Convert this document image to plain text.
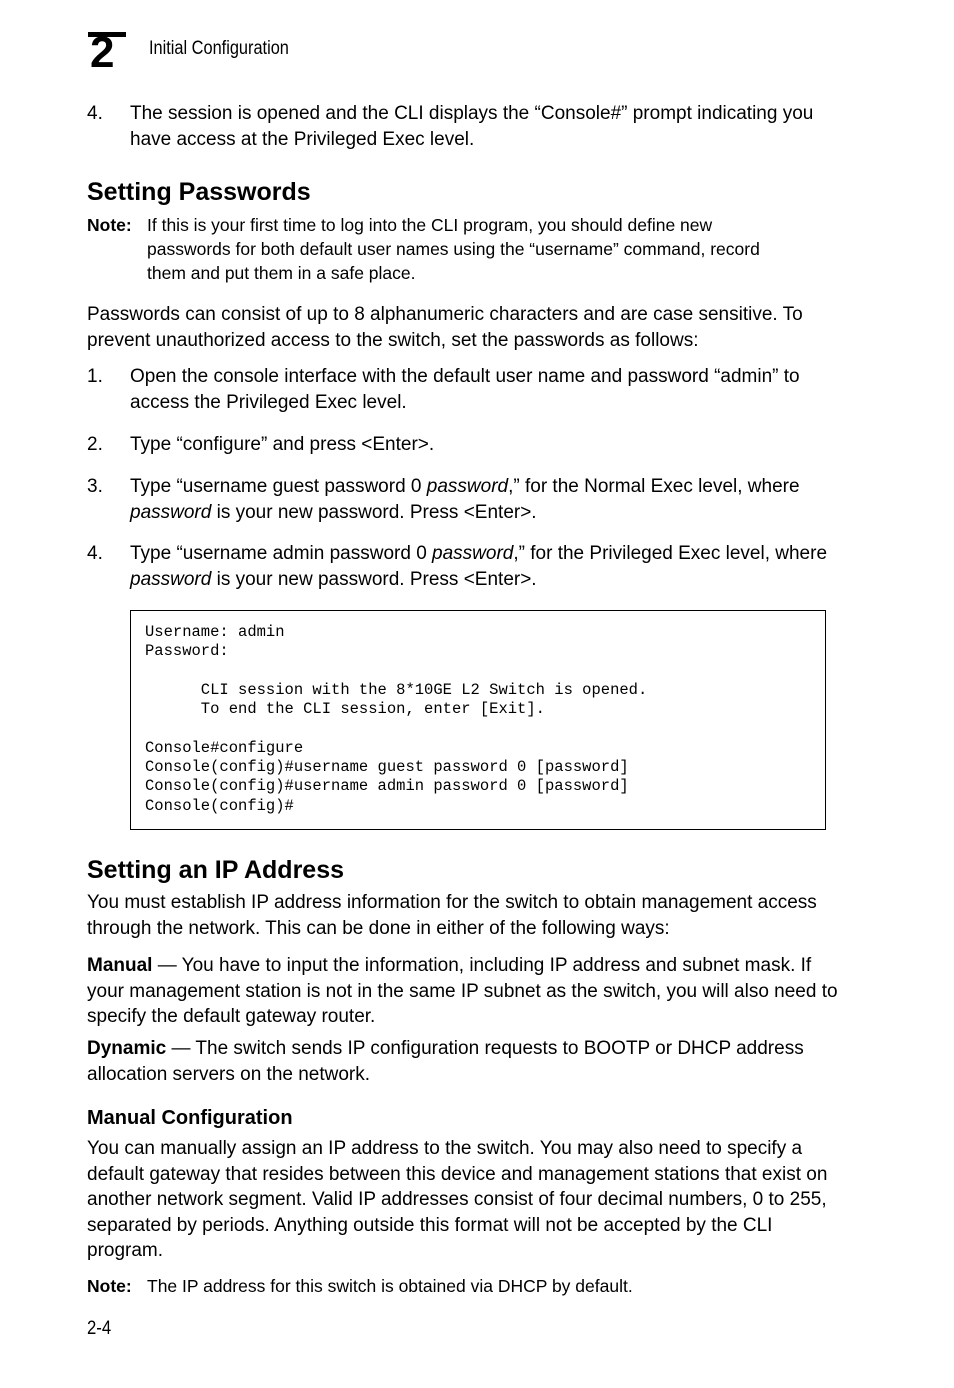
2 Initial Configuration
4. The session is opened and the CLI displays the “Console#” prompt indicating you have access at the Privileged Exec level.
Setting Passwords
Note: If this is your first time to log into the CLI program, you should define new
passwords for both default user names using the “username” command, record
them and put them in a safe place.
Passwords can consist of up to 8 alphanumeric characters and are case sensitive. To prevent unauthorized access to the switch, set the passwords as follows:
1. Open the console interface with the default user name and password “admin” to access the Privileged Exec level.
2. Type “configure” and press <Enter>.
3. Type “username guest password 0 password,” for the Normal Exec level, where password is your new password. Press <Enter>.
4. Type “username admin password 0 password,” for the Privileged Exec level, where password is your new password. Press <Enter>.
Username: admin
Password:

CLI session with the 8*10GE L2 Switch is opened.
To end the CLI session, enter [Exit].

Console#configure
Console(config)#username guest password 0 [password]
Console(config)#username admin password 0 [password]
Console(config)#
Setting an IP Address
You must establish IP address information for the switch to obtain management access through the network. This can be done in either of the following ways:
Manual — You have to input the information, including IP address and subnet mask. If your management station is not in the same IP subnet as the switch, you will also need to specify the default gateway router.
Dynamic — The switch sends IP configuration requests to BOOTP or DHCP address allocation servers on the network.
Manual Configuration
You can manually assign an IP address to the switch. You may also need to specify a default gateway that resides between this device and management stations that exist on another network segment. Valid IP addresses consist of four decimal numbers, 0 to 255, separated by periods. Anything outside this format will not be accepted by the CLI program.
Note: The IP address for this switch is obtained via DHCP by default.
2-4
